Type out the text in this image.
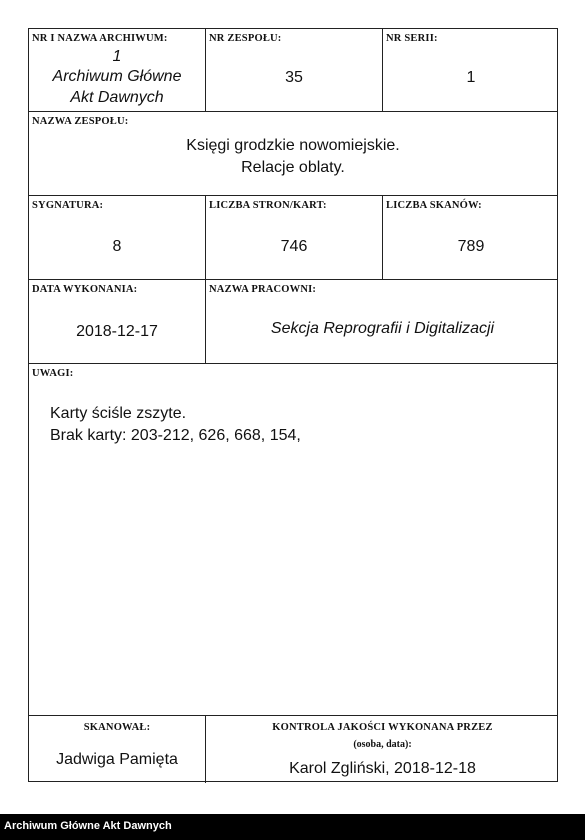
NR I NAZWA ARCHIWUM:
1
Archiwum Główne
Akt Dawnych
NR ZESPOŁU:
35
NR SERII:
1
NAZWA ZESPOŁU:
Księgi grodzkie nowomiejskie.
Relacje oblaty.
SYGNATURA:
8
LICZBA STRON/KART:
746
LICZBA SKANÓW:
789
DATA WYKONANIA:
2018-12-17
NAZWA PRACOWNI:
Sekcja Reprografii i Digitalizacji
UWAGI:
Karty ściśle zszyte.
Brak karty: 203-212, 626, 668, 154,
SKANOWAŁ:
Jadwiga Pamięta
KONTROLA JAKOŚCI WYKONANA PRZEZ
(osoba, data):
Karol Zgliński, 2018-12-18
Archiwum Główne Akt Dawnych
